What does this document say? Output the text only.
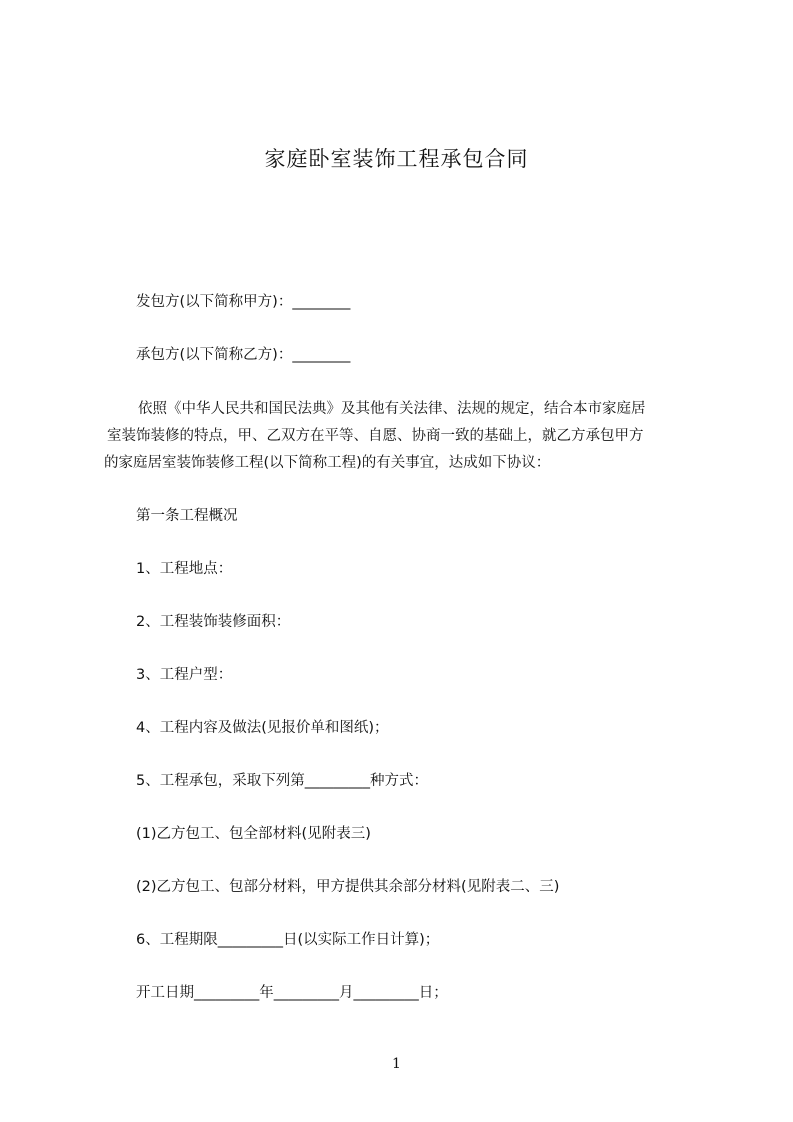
家庭卧室装饰工程承包合同
发包方(以下简称甲方)：________
承包方(以下简称乙方)：________
依照《中华人民共和国民法典》及其他有关法律、法规的规定，结合本市家庭居
室装饰装修的特点，甲、乙双方在平等、自愿、协商一致的基础上，就乙方承包甲方
的家庭居室装饰装修工程(以下简称工程)的有关事宜，达成如下协议：
第一条工程概况
1、工程地点：
2、工程装饰装修面积：
3、工程户型：
4、工程内容及做法(见报价单和图纸)；
5、工程承包，采取下列第_________种方式：
(1)乙方包工、包全部材料(见附表三)
(2)乙方包工、包部分材料，甲方提供其余部分材料(见附表二、三)
6、工程期限_________日(以实际工作日计算)；
开工日期_________年_________月_________日；
1
